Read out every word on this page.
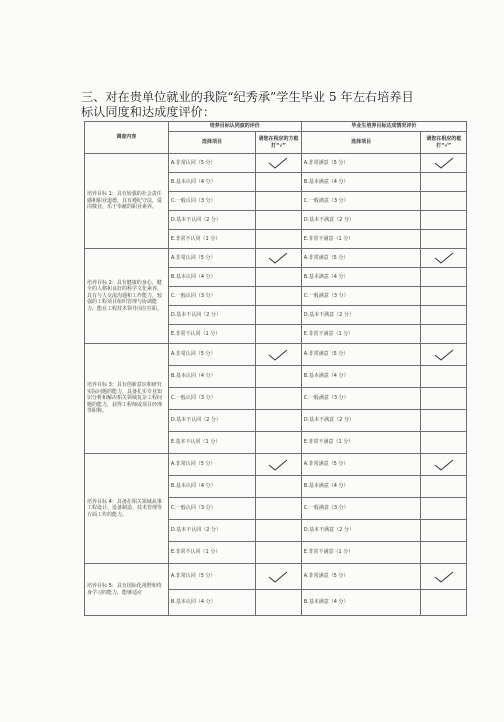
三、对在贵单位就业的我院“纪秀承”学生毕业 5 年左右培养目
标认同度和达成度评价：
调查内容	培养目标认同度的评价		毕业生培养目标达成情况评价	
	选择项目	请您在相应的方框打“√”	选择项目	请您在相应的框打“√”
培养目标 1：具有较强的社会责任感和职业道德，具有遵纪守法，爱岗敬业，乐于奉献的职业素养。	A.非常认同（5 分）		A.非常满意（5 分）	

	B.基本认同（4 分）		B.基本满意（4 分）	
	C.一般认同（3 分）		C.一般满意（3 分）	
	D.基本不认同（2 分）		D.基本不满意（2 分）	
	E.非常不认同（1 分）		E.非常不满意（1 分）	
培养目标 2：具有健康的身心，健全的人格和良好的科学文化素养，具有与人交流沟通和工作能力，较强的工程项目组织管理与协调能力，能在工程技术领导岗位任职。	A.非常认同（5 分）		A.非常满意（5 分）	

	B.基本认同（4 分）		B.基本满意（4 分）	
	C.一般认同（3 分）		C.一般满意（3 分）	
	D.基本不认同（2 分）		D.基本不满意（2 分）	
	E.非常不认同（1 分）		E.非常不满意（1 分）	
培养目标 3：具有创新意识和研究实际问题的能力，具备扎实专业知识分析和解决相关领域复杂工程问题的能力，获得工程师或项目经理等职称。	A.非常认同（5 分）		A.非常满意（5 分）	

	B.基本认同（4 分）		B.基本满意（4 分）	
	C.一般认同（3 分）		C.一般满意（3 分）	
	D.基本不认同（2 分）		D.基本不满意（2 分）	
	E.基本不认同（1 分）		E.非常不满意（1 分）	
培养目标 4：具备在相关领域从事工程设计、设备制造、技术管理等方面工作的能力。	A.非常认同（5 分）		A.非常满意（5 分）	

	B.基本认同（4 分）		B.基本满意（4 分）	
	C.一般认同（3 分）		C.一般满意（3 分）	
	D.基本不认同（2 分）		D.基本不满意（2 分）	
	E.非常不认同（1 分）		E.非常不满意（1 分）	
培养目标 5：具有国际化视野和终身学习的能力，能够适应	A.非常认同（5 分）		A.非常满意（5 分）	

	B.基本认同（4 分）		B.基本满意（4 分）	
